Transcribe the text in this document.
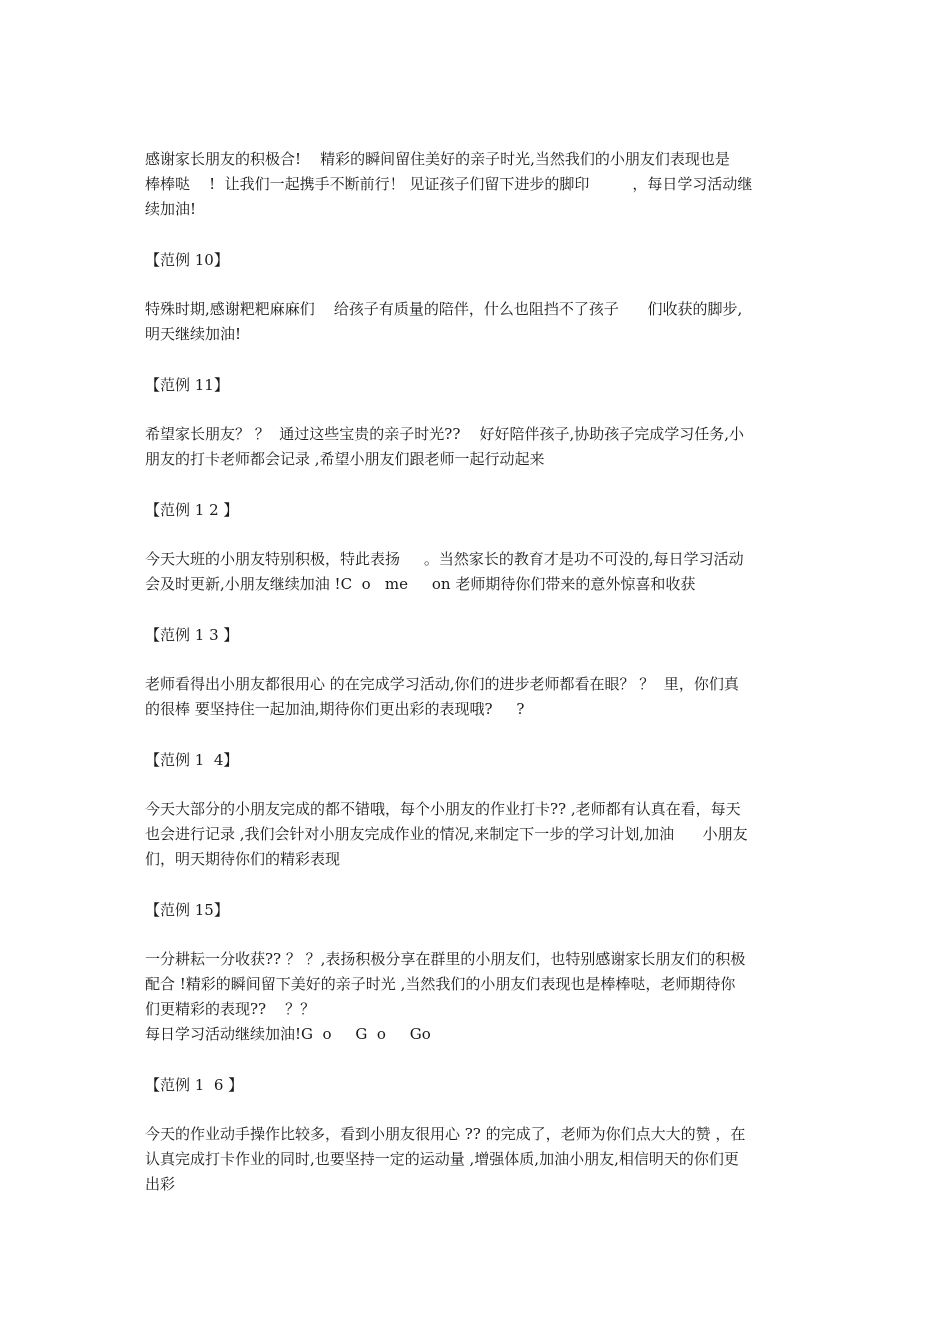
感谢家长朋友的积极合!    精彩的瞬间留住美好的亲子时光,当然我们的小朋友们表现也是
棒棒哒    !  让我们一起携手不断前行！ 见证孩子们留下进步的脚印         ，每日学习活动继
续加油!

【范例 10】

特殊时期,感谢粑粑麻麻们    给孩子有质量的陪伴，什么也阻挡不了孩子      们收获的脚步,
明天继续加油!

【范例 11】

希望家长朋友？ ？  通过这些宝贵的亲子时光??    好好陪伴孩子,协助孩子完成学习任务,小
朋友的打卡老师都会记录 ,希望小朋友们跟老师一起行动起来

【范例 1 2 】

今天大班的小朋友特别积极，特此表扬     。当然家长的教育才是功不可没的,每日学习活动
会及时更新,小朋友继续加油 !C  o   me     on 老师期待你们带来的意外惊喜和收获

【范例 1 3 】

老师看得出小朋友都很用心 的在完成学习活动,你们的进步老师都看在眼？ ？  里，你们真
的很棒 要坚持住一起加油,期待你们更出彩的表现哦?     ?

【范例 1  4】

今天大部分的小朋友完成的都不错哦，每个小朋友的作业打卡?? ,老师都有认真在看，每天
也会进行记录 ,我们会针对小朋友完成作业的情况,来制定下一步的学习计划,加油      小朋友
们，明天期待你们的精彩表现

【范例 15】

一分耕耘一分收获?? ？ ？,表扬积极分享在群里的小朋友们，也特别感谢家长朋友们的积极
配合 !精彩的瞬间留下美好的亲子时光 ,当然我们的小朋友们表现也是棒棒哒，老师期待你
们更精彩的表现??    ？？
每日学习活动继续加油!G  o     G  o     Go

【范例 1  6 】

今天的作业动手操作比较多，看到小朋友很用心 ?? 的完成了，老师为你们点大大的赞 ，在
认真完成打卡作业的同时,也要坚持一定的运动量 ,增强体质,加油小朋友,相信明天的你们更
出彩
